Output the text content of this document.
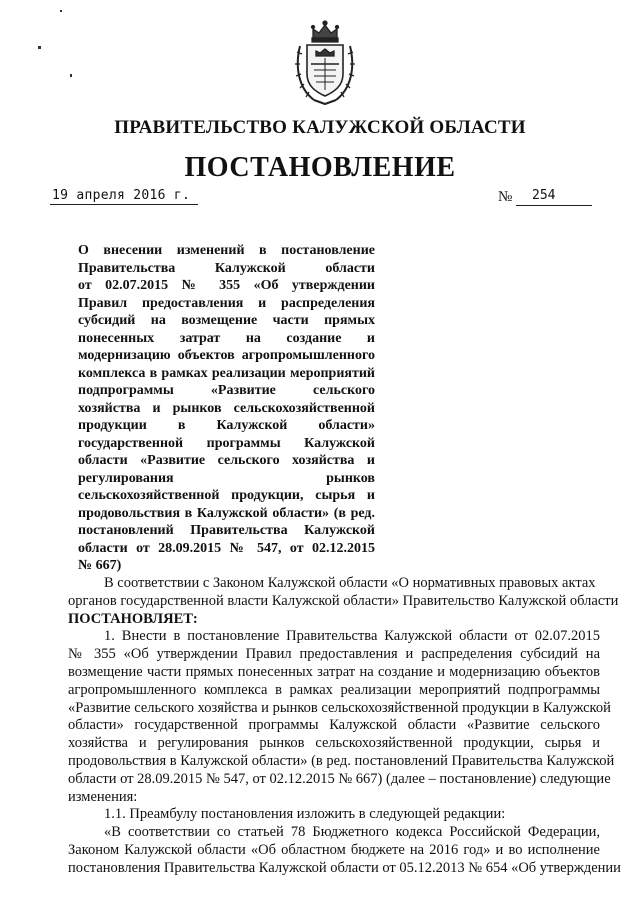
ПРАВИТЕЛЬСТВО КАЛУЖСКОЙ ОБЛАСТИ
ПОСТАНОВЛЕНИЕ
19 апреля 2016 г.	№ 254
О внесении изменений в постановление
Правительства Калужской области
от 02.07.2015 № 355 «Об утверждении
Правил предоставления и распределения
субсидий на возмещение части прямых
понесенных затрат на создание и
модернизацию объектов агропромышленного
комплекса в рамках реализации мероприятий
подпрограммы «Развитие сельского
хозяйства и рынков сельскохозяйственной
продукции в Калужской области»
государственной программы Калужской
области «Развитие сельского хозяйства и
регулирования рынков
сельскохозяйственной продукции, сырья и
продовольствия в Калужской области» (в ред.
постановлений Правительства Калужской
области от 28.09.2015 № 547, от 02.12.2015
№ 667)
В соответствии с Законом Калужской области «О нормативных правовых актах
органов государственной власти Калужской области» Правительство Калужской области
ПОСТАНОВЛЯЕТ:
1. Внести в постановление Правительства Калужской области от 02.07.2015
№ 355 «Об утверждении Правил предоставления и распределения субсидий на
возмещение части прямых понесенных затрат на создание и модернизацию объектов
агропромышленного комплекса в рамках реализации мероприятий подпрограммы
«Развитие сельского хозяйства и рынков сельскохозяйственной продукции в Калужской
области» государственной программы Калужской области «Развитие сельского
хозяйства и регулирования рынков сельскохозяйственной продукции, сырья и
продовольствия в Калужской области» (в ред. постановлений Правительства Калужской
области от 28.09.2015 № 547, от 02.12.2015 № 667) (далее – постановление) следующие
изменения:
1.1. Преамбулу постановления изложить в следующей редакции:
«В соответствии со статьей 78 Бюджетного кодекса Российской Федерации,
Законом Калужской области «Об областном бюджете на 2016 год» и во исполнение
постановления Правительства Калужской области от 05.12.2013 № 654 «Об утверждении
